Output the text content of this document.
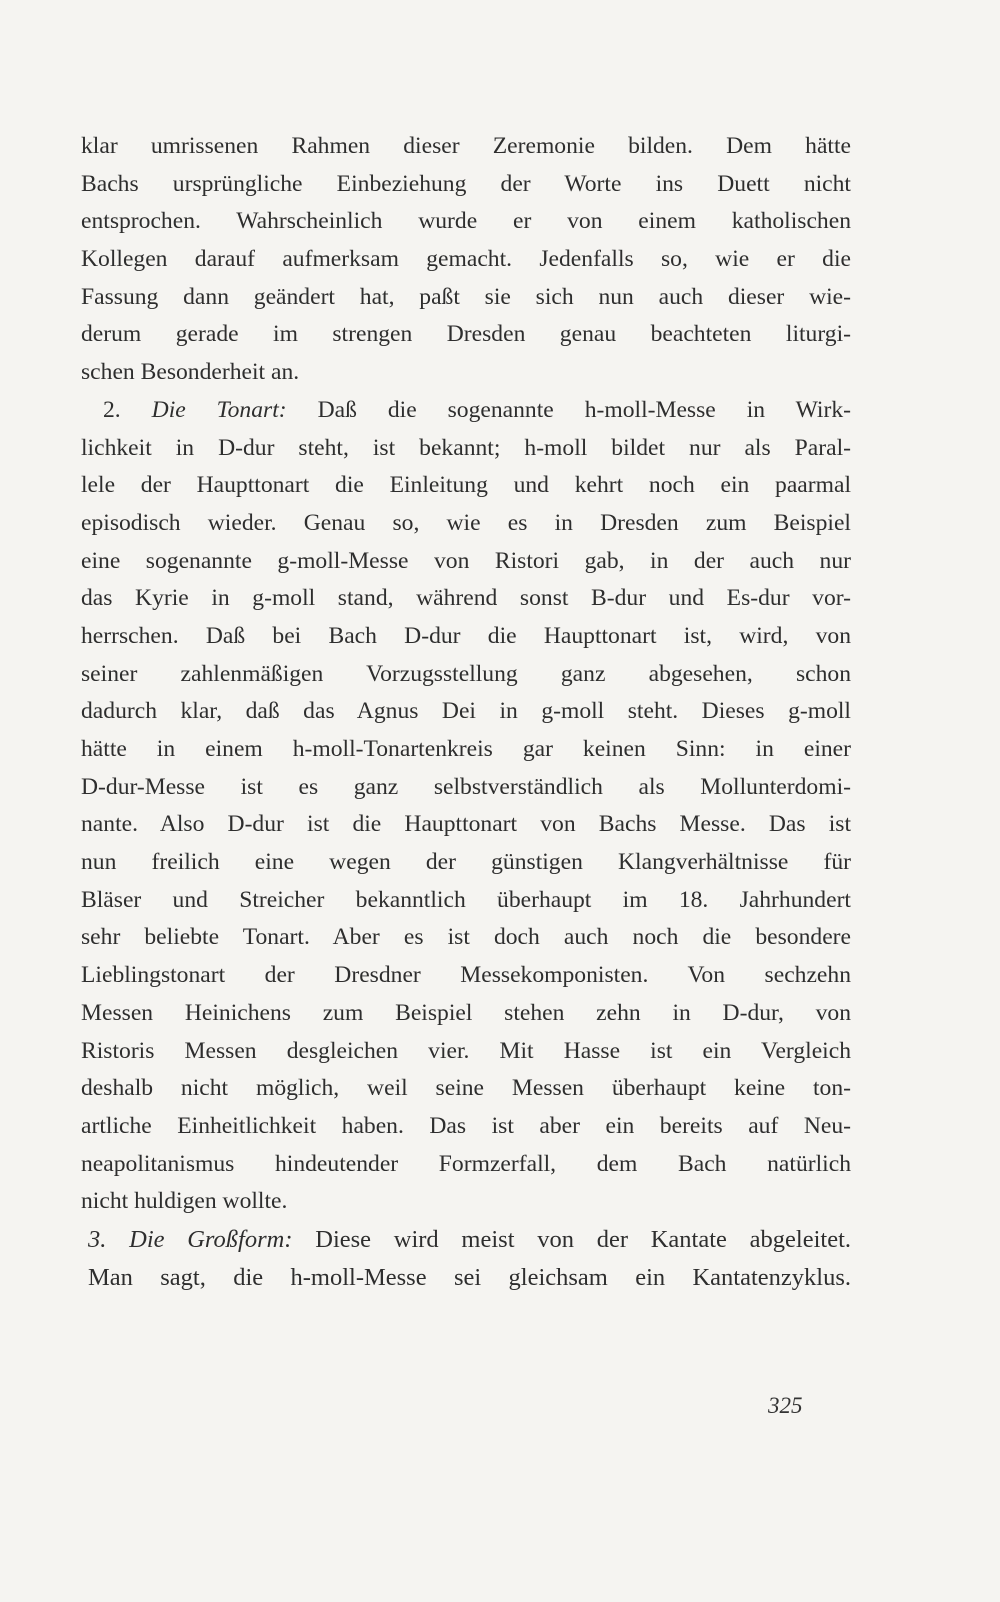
klar umrissenen Rahmen dieser Zeremonie bilden. Dem hätte
Bachs ursprüngliche Einbeziehung der Worte ins Duett nicht
entsprochen. Wahrscheinlich wurde er von einem katholischen
Kollegen darauf aufmerksam gemacht. Jedenfalls so, wie er die
Fassung dann geändert hat, paßt sie sich nun auch dieser wie-
derum gerade im strengen Dresden genau beachteten liturgi-
schen Besonderheit an.
2. Die Tonart: Daß die sogenannte h-moll-Messe in Wirk-
lichkeit in D-dur steht, ist bekannt; h-moll bildet nur als Paral-
lele der Haupttonart die Einleitung und kehrt noch ein paarmal
episodisch wieder. Genau so, wie es in Dresden zum Beispiel
eine sogenannte g-moll-Messe von Ristori gab, in der auch nur
das Kyrie in g-moll stand, während sonst B-dur und Es-dur vor-
herrschen. Daß bei Bach D-dur die Haupttonart ist, wird, von
seiner zahlenmäßigen Vorzugsstellung ganz abgesehen, schon
dadurch klar, daß das Agnus Dei in g-moll steht. Dieses g-moll
hätte in einem h-moll-Tonartenkreis gar keinen Sinn: in einer
D-dur-Messe ist es ganz selbstverständlich als Mollunterdomi-
nante. Also D-dur ist die Haupttonart von Bachs Messe. Das ist
nun freilich eine wegen der günstigen Klangverhältnisse für
Bläser und Streicher bekanntlich überhaupt im 18. Jahrhundert
sehr beliebte Tonart. Aber es ist doch auch noch die besondere
Lieblingstonart der Dresdner Messekomponisten. Von sechzehn
Messen Heinichens zum Beispiel stehen zehn in D-dur, von
Ristoris Messen desgleichen vier. Mit Hasse ist ein Vergleich
deshalb nicht möglich, weil seine Messen überhaupt keine ton-
artliche Einheitlichkeit haben. Das ist aber ein bereits auf Neu-
neapolitanismus hindeutender Formzerfall, dem Bach natürlich
nicht huldigen wollte.
3. Die Großform: Diese wird meist von der Kantate abgeleitet.
Man sagt, die h-moll-Messe sei gleichsam ein Kantatenzyklus.
325
